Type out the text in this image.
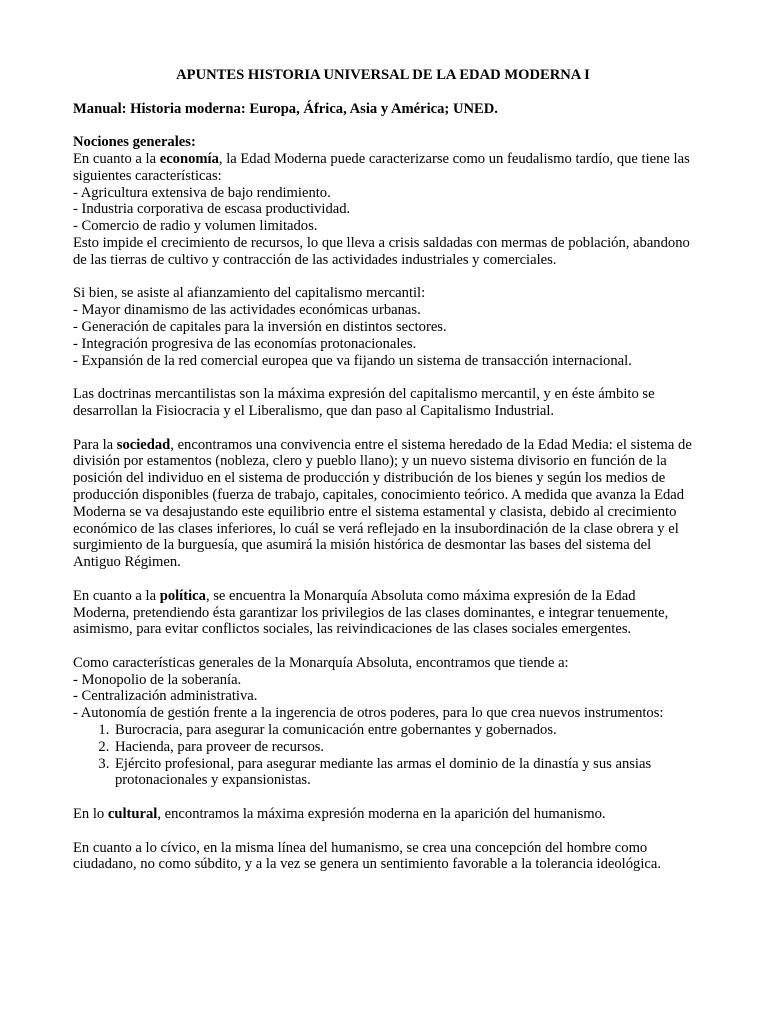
APUNTES HISTORIA UNIVERSAL DE LA EDAD MODERNA I

Manual: Historia moderna: Europa, África, Asia y América; UNED.

Nociones generales:

En cuanto a la economía, la Edad Moderna puede caracterizarse como un feudalismo tardío, que tiene las siguientes características:

- Agricultura extensiva de bajo rendimiento.

- Industria corporativa de escasa productividad.

- Comercio de radio y volumen limitados.

Esto impide el crecimiento de recursos, lo que lleva a crisis saldadas con mermas de población, abandono de las tierras de cultivo y contracción de las actividades industriales y comerciales.

Si bien, se asiste al afianzamiento del capitalismo mercantil:

- Mayor dinamismo de las actividades económicas urbanas.

- Generación de capitales para la inversión en distintos sectores.

- Integración progresiva de las economías protonacionales.

- Expansión de la red comercial europea que va fijando un sistema de transacción internacional.

Las doctrinas mercantilistas son la máxima expresión del capitalismo mercantil, y en éste ámbito se desarrollan la Fisiocracia y el Liberalismo, que dan paso al Capitalismo Industrial.

Para la sociedad, encontramos una convivencia entre el sistema heredado de la Edad Media: el sistema de división por estamentos (nobleza, clero y pueblo llano); y un nuevo sistema divisorio en función de la posición del individuo en el sistema de producción y distribución de los bienes y según los medios de producción disponibles (fuerza de trabajo, capitales, conocimiento teórico. A medida que avanza la Edad Moderna se va desajustando este equilibrio entre el sistema estamental y clasista, debido al crecimiento económico de las clases inferiores, lo cuál se verá reflejado en la insubordinación de la clase obrera y el surgimiento de la burguesía, que asumirá la misión histórica de desmontar las bases del sistema del Antiguo Régimen.

En cuanto a la política, se encuentra la Monarquía Absoluta como máxima expresión de la Edad Moderna, pretendiendo ésta garantizar los privilegios de las clases dominantes, e integrar tenuemente, asimismo, para evitar conflictos sociales, las reivindicaciones de las clases sociales emergentes.

Como características generales de la Monarquía Absoluta, encontramos que tiende a:

- Monopolio de la soberanía.

- Centralización administrativa.

- Autonomía de gestión frente a la ingerencia de otros poderes, para lo que crea nuevos instrumentos:

1. Burocracia, para asegurar la comunicación entre gobernantes y gobernados.
2. Hacienda, para proveer de recursos.
3. Ejército profesional, para asegurar mediante las armas el dominio de la dinastía y sus ansias protonacionales y expansionistas.

En lo cultural, encontramos la máxima expresión moderna en la aparición del humanismo.

En cuanto a lo cívico, en la misma línea del humanismo, se crea una concepción del hombre como ciudadano, no como súbdito, y a la vez se genera un sentimiento favorable a la tolerancia ideológica.
